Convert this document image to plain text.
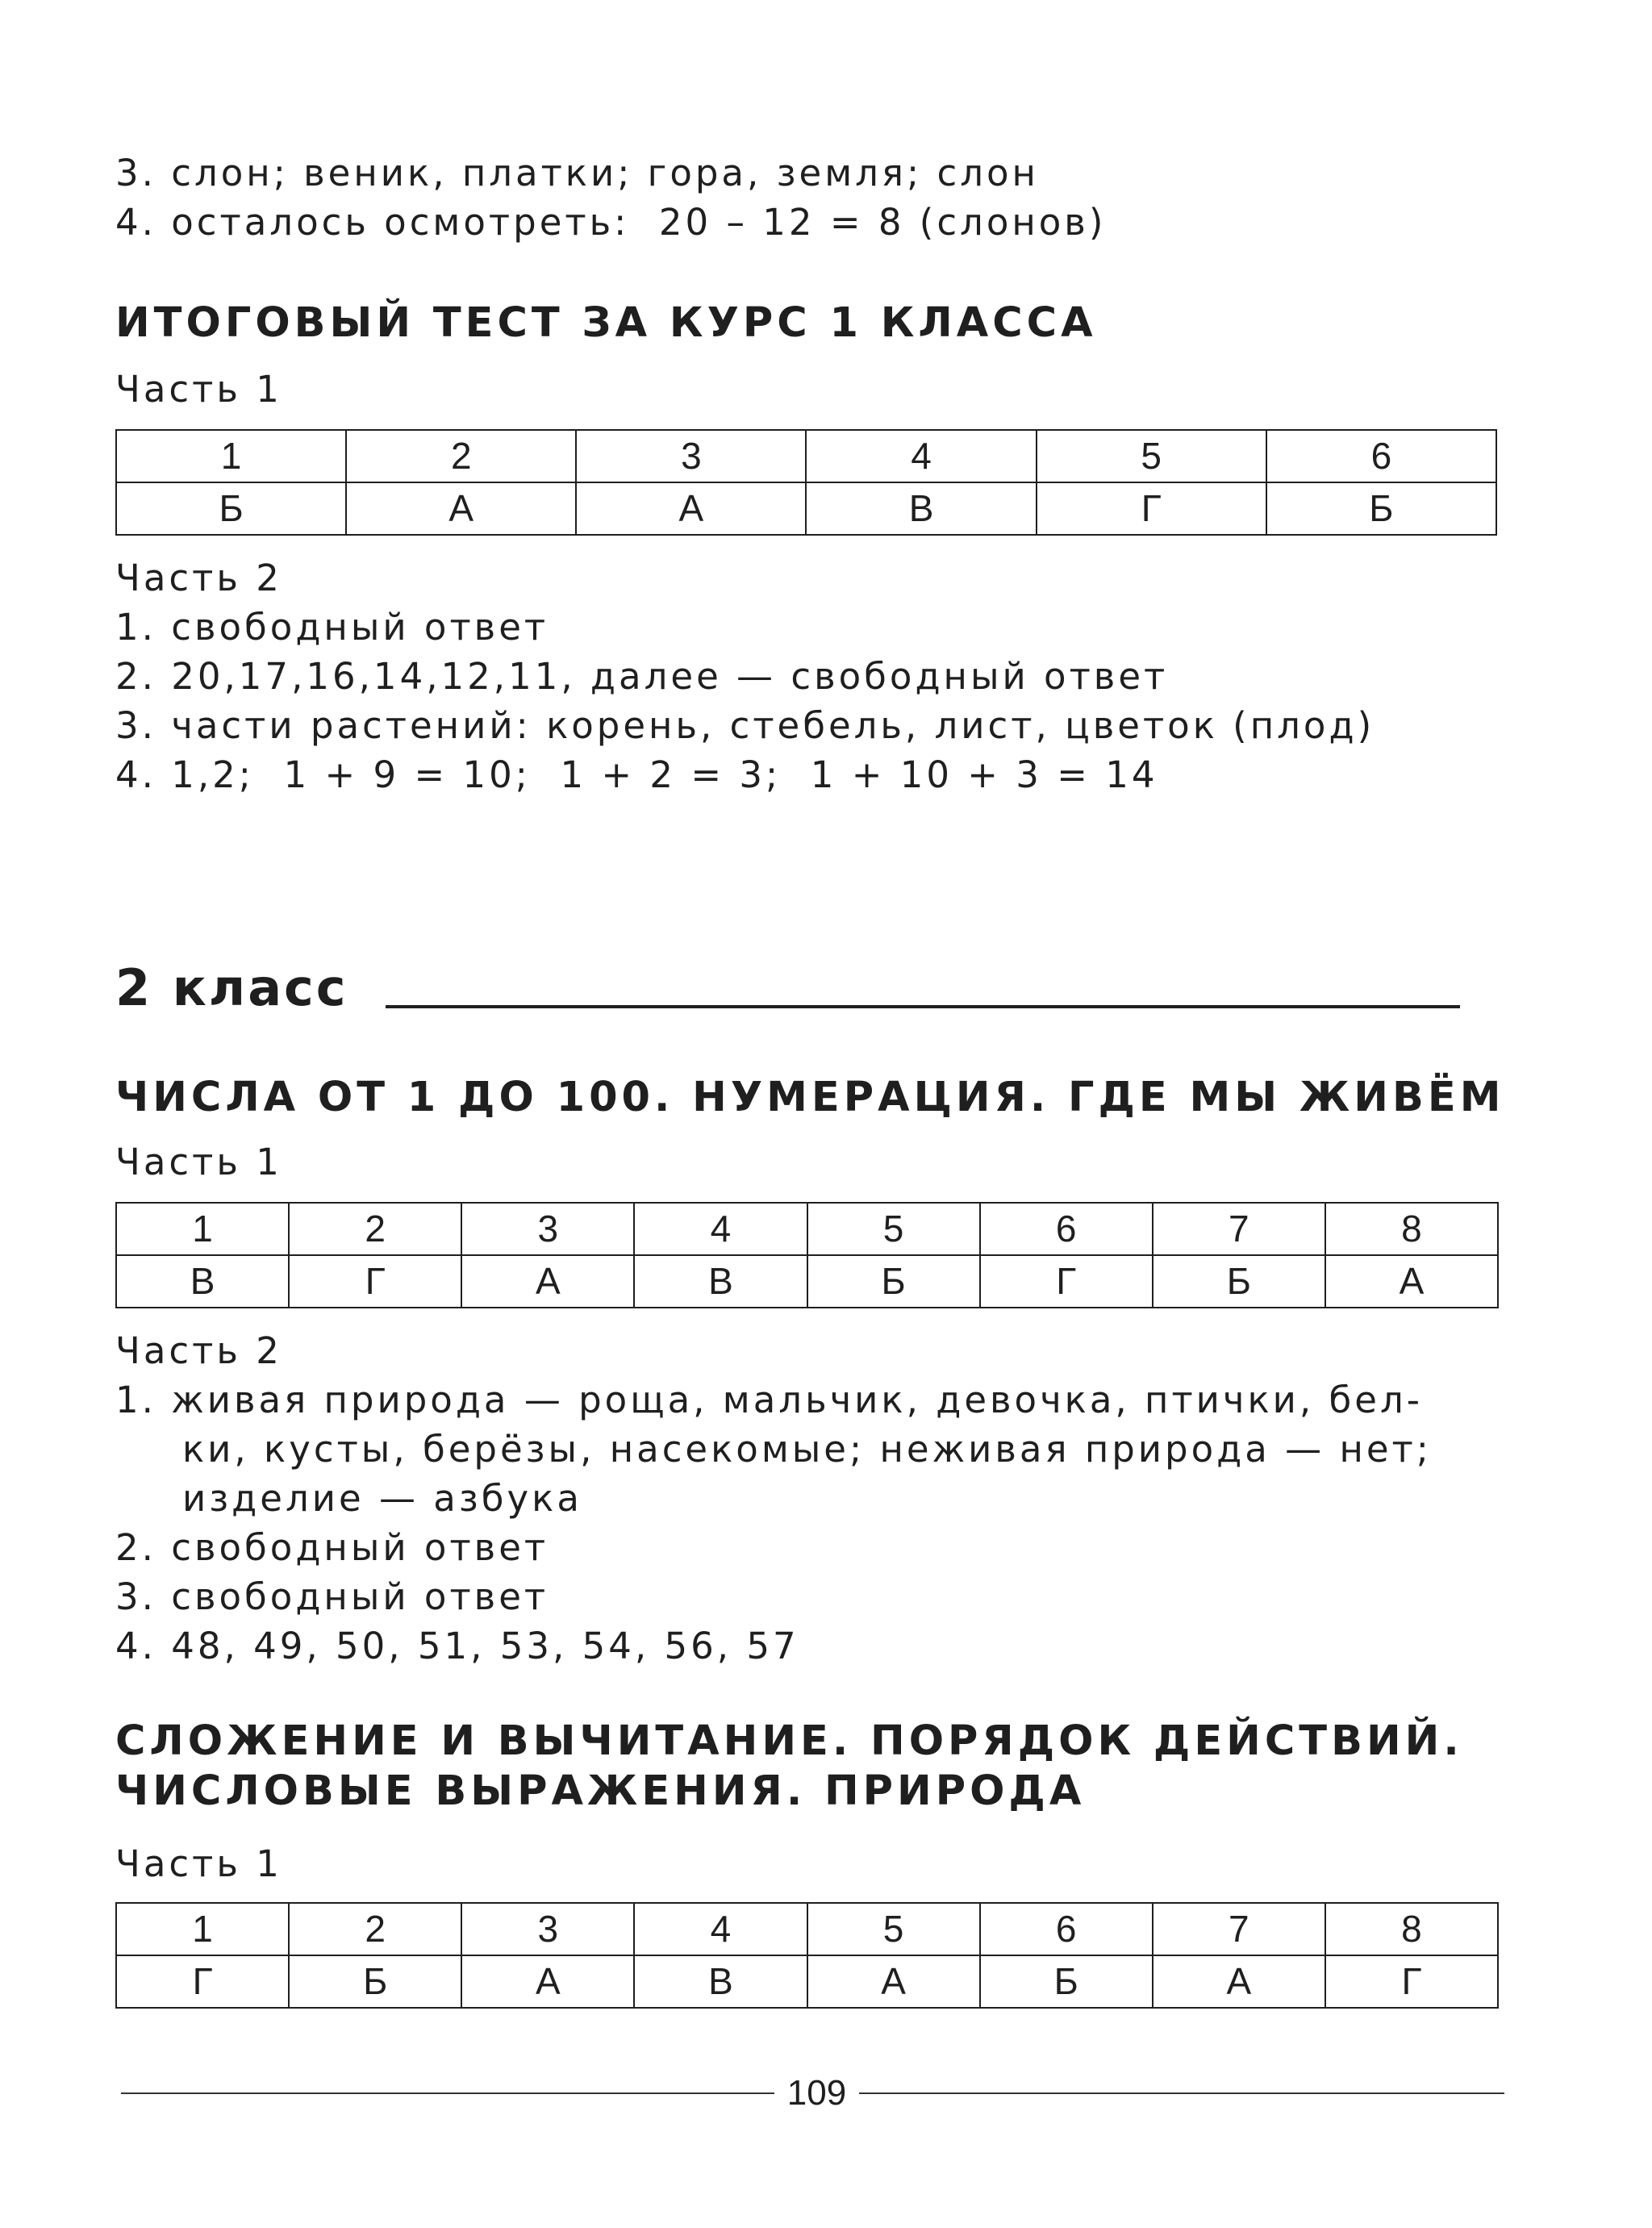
3. слон; веник, платки; гора, земля; слон
4. осталось осмотреть:  20 – 12 = 8 (слонов)
ИТОГОВЫЙ ТЕСТ ЗА КУРС 1 КЛАССА
Часть 1
1	2	3	4	5	6
Б	А	А	В	Г	Б
Часть 2
1. свободный ответ
2. 20,17,16,14,12,11, далее — свободный ответ
3. части растений: корень, стебель, лист, цветок (плод)
4. 1,2;  1 + 9 = 10;  1 + 2 = 3;  1 + 10 + 3 = 14
2 класс
ЧИСЛА ОТ 1 ДО 100. НУМЕРАЦИЯ. ГДЕ МЫ ЖИВЁМ
Часть 1
1	2	3	4	5	6	7	8
В	Г	А	В	Б	Г	Б	А
Часть 2
1. живая природа — роща, мальчик, девочка, птички, бел-
ки, кусты, берёзы, насекомые; неживая природа — нет;
изделие — азбука
2. свободный ответ
3. свободный ответ
4. 48, 49, 50, 51, 53, 54, 56, 57
СЛОЖЕНИЕ И ВЫЧИТАНИЕ. ПОРЯДОК ДЕЙСТВИЙ.
ЧИСЛОВЫЕ ВЫРАЖЕНИЯ. ПРИРОДА
Часть 1
1	2	3	4	5	6	7	8
Г	Б	А	В	А	Б	А	Г
109
